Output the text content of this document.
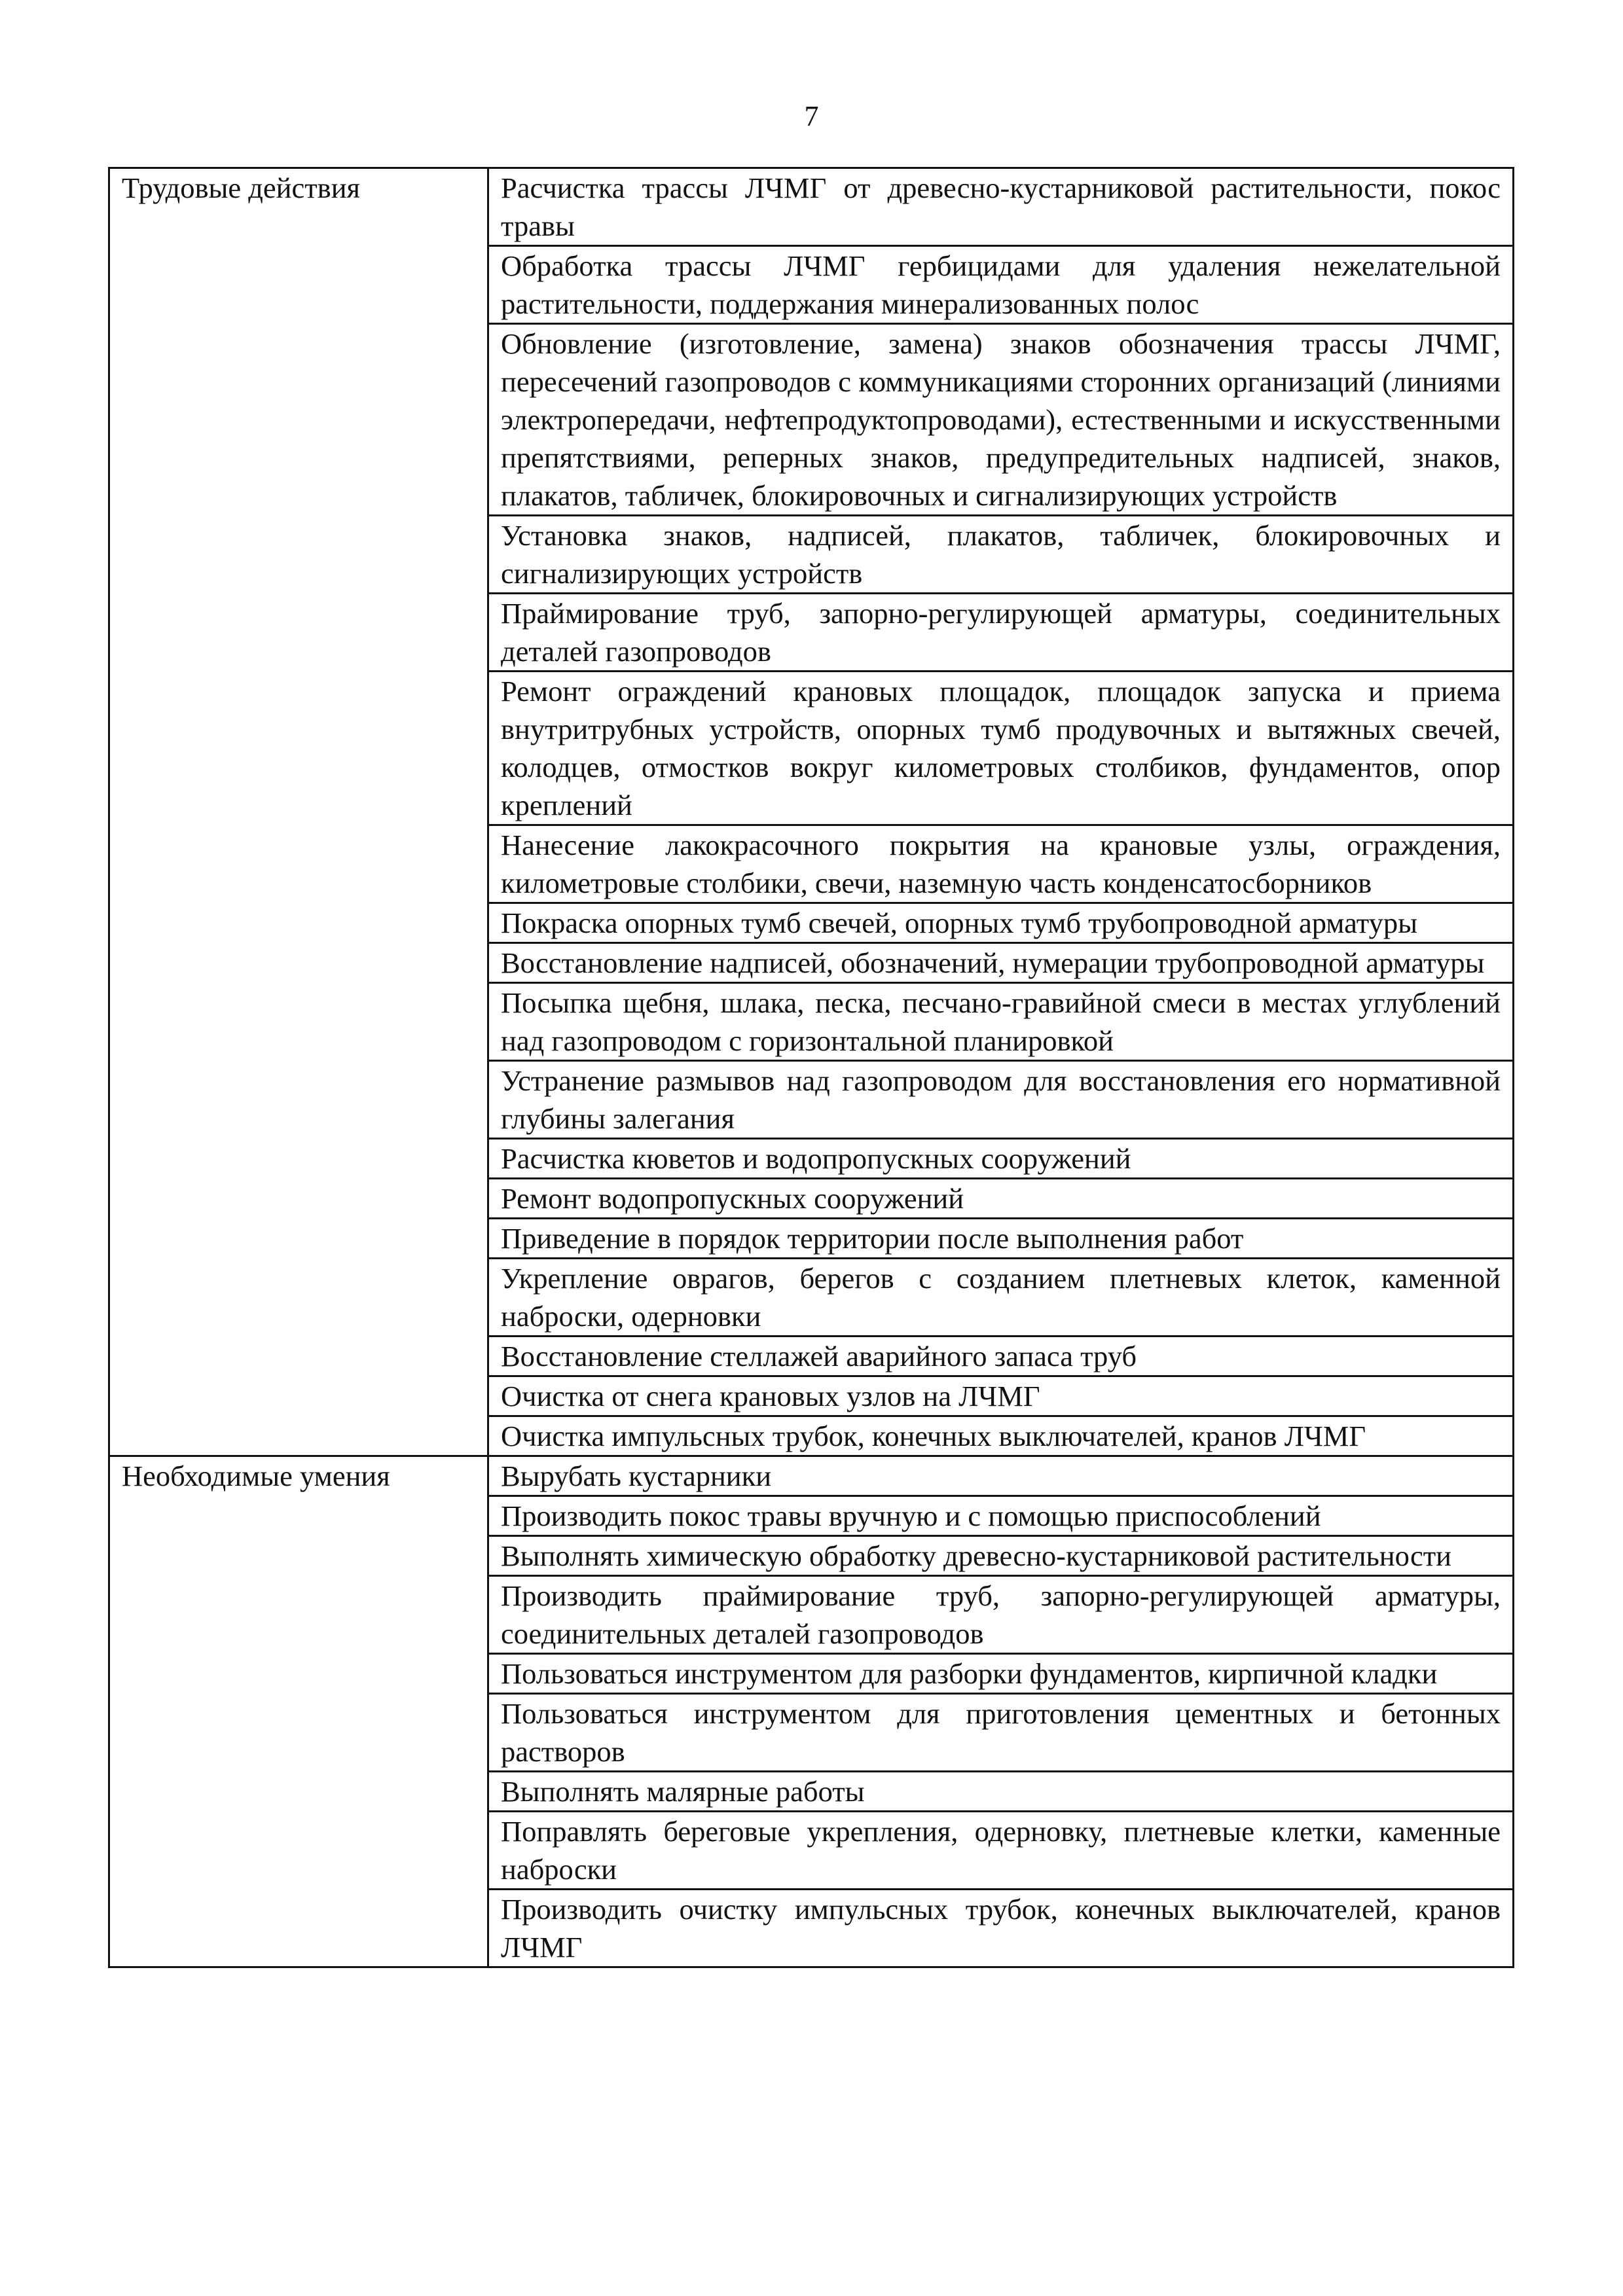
7
Трудовые действия	Расчистка трассы ЛЧМГ от древесно-кустарниковой растительности, покос травы
	Обработка трассы ЛЧМГ гербицидами для удаления нежелательной растительности, поддержания минерализованных полос
	Обновление (изготовление, замена) знаков обозначения трассы ЛЧМГ, пересечений газопроводов с коммуникациями сторонних организаций (линиями электропередачи, нефтепродуктопроводами), естественными и искусственными препятствиями, реперных знаков, предупредительных надписей, знаков, плакатов, табличек, блокировочных и сигнализирующих устройств
	Установка знаков, надписей, плакатов, табличек, блокировочных и сигнализирующих устройств
	Праймирование труб, запорно-регулирующей арматуры, соединительных деталей газопроводов
	Ремонт ограждений крановых площадок, площадок запуска и приема внутритрубных устройств, опорных тумб продувочных и вытяжных свечей, колодцев, отмостков вокруг километровых столбиков, фундаментов, опор креплений
	Нанесение лакокрасочного покрытия на крановые узлы, ограждения, километровые столбики, свечи, наземную часть конденсатосборников
	Покраска опорных тумб свечей, опорных тумб трубопроводной арматуры
	Восстановление надписей, обозначений, нумерации трубопроводной арматуры
	Посыпка щебня, шлака, песка, песчано-гравийной смеси в местах углублений над газопроводом с горизонтальной планировкой
	Устранение размывов над газопроводом для восстановления его нормативной глубины залегания
	Расчистка кюветов и водопропускных сооружений
	Ремонт водопропускных сооружений
	Приведение в порядок территории после выполнения работ
	Укрепление оврагов, берегов с созданием плетневых клеток, каменной наброски, одерновки
	Восстановление стеллажей аварийного запаса труб
	Очистка от снега крановых узлов на ЛЧМГ
	Очистка импульсных трубок, конечных выключателей, кранов ЛЧМГ
Необходимые умения	Вырубать кустарники
	Производить покос травы вручную и с помощью приспособлений
	Выполнять химическую обработку древесно-кустарниковой растительности
	Производить праймирование труб, запорно-регулирующей арматуры, соединительных деталей газопроводов
	Пользоваться инструментом для разборки фундаментов, кирпичной кладки
	Пользоваться инструментом для приготовления цементных и бетонных растворов
	Выполнять малярные работы
	Поправлять береговые укрепления, одерновку, плетневые клетки, каменные наброски
	Производить очистку импульсных трубок, конечных выключателей, кранов ЛЧМГ
